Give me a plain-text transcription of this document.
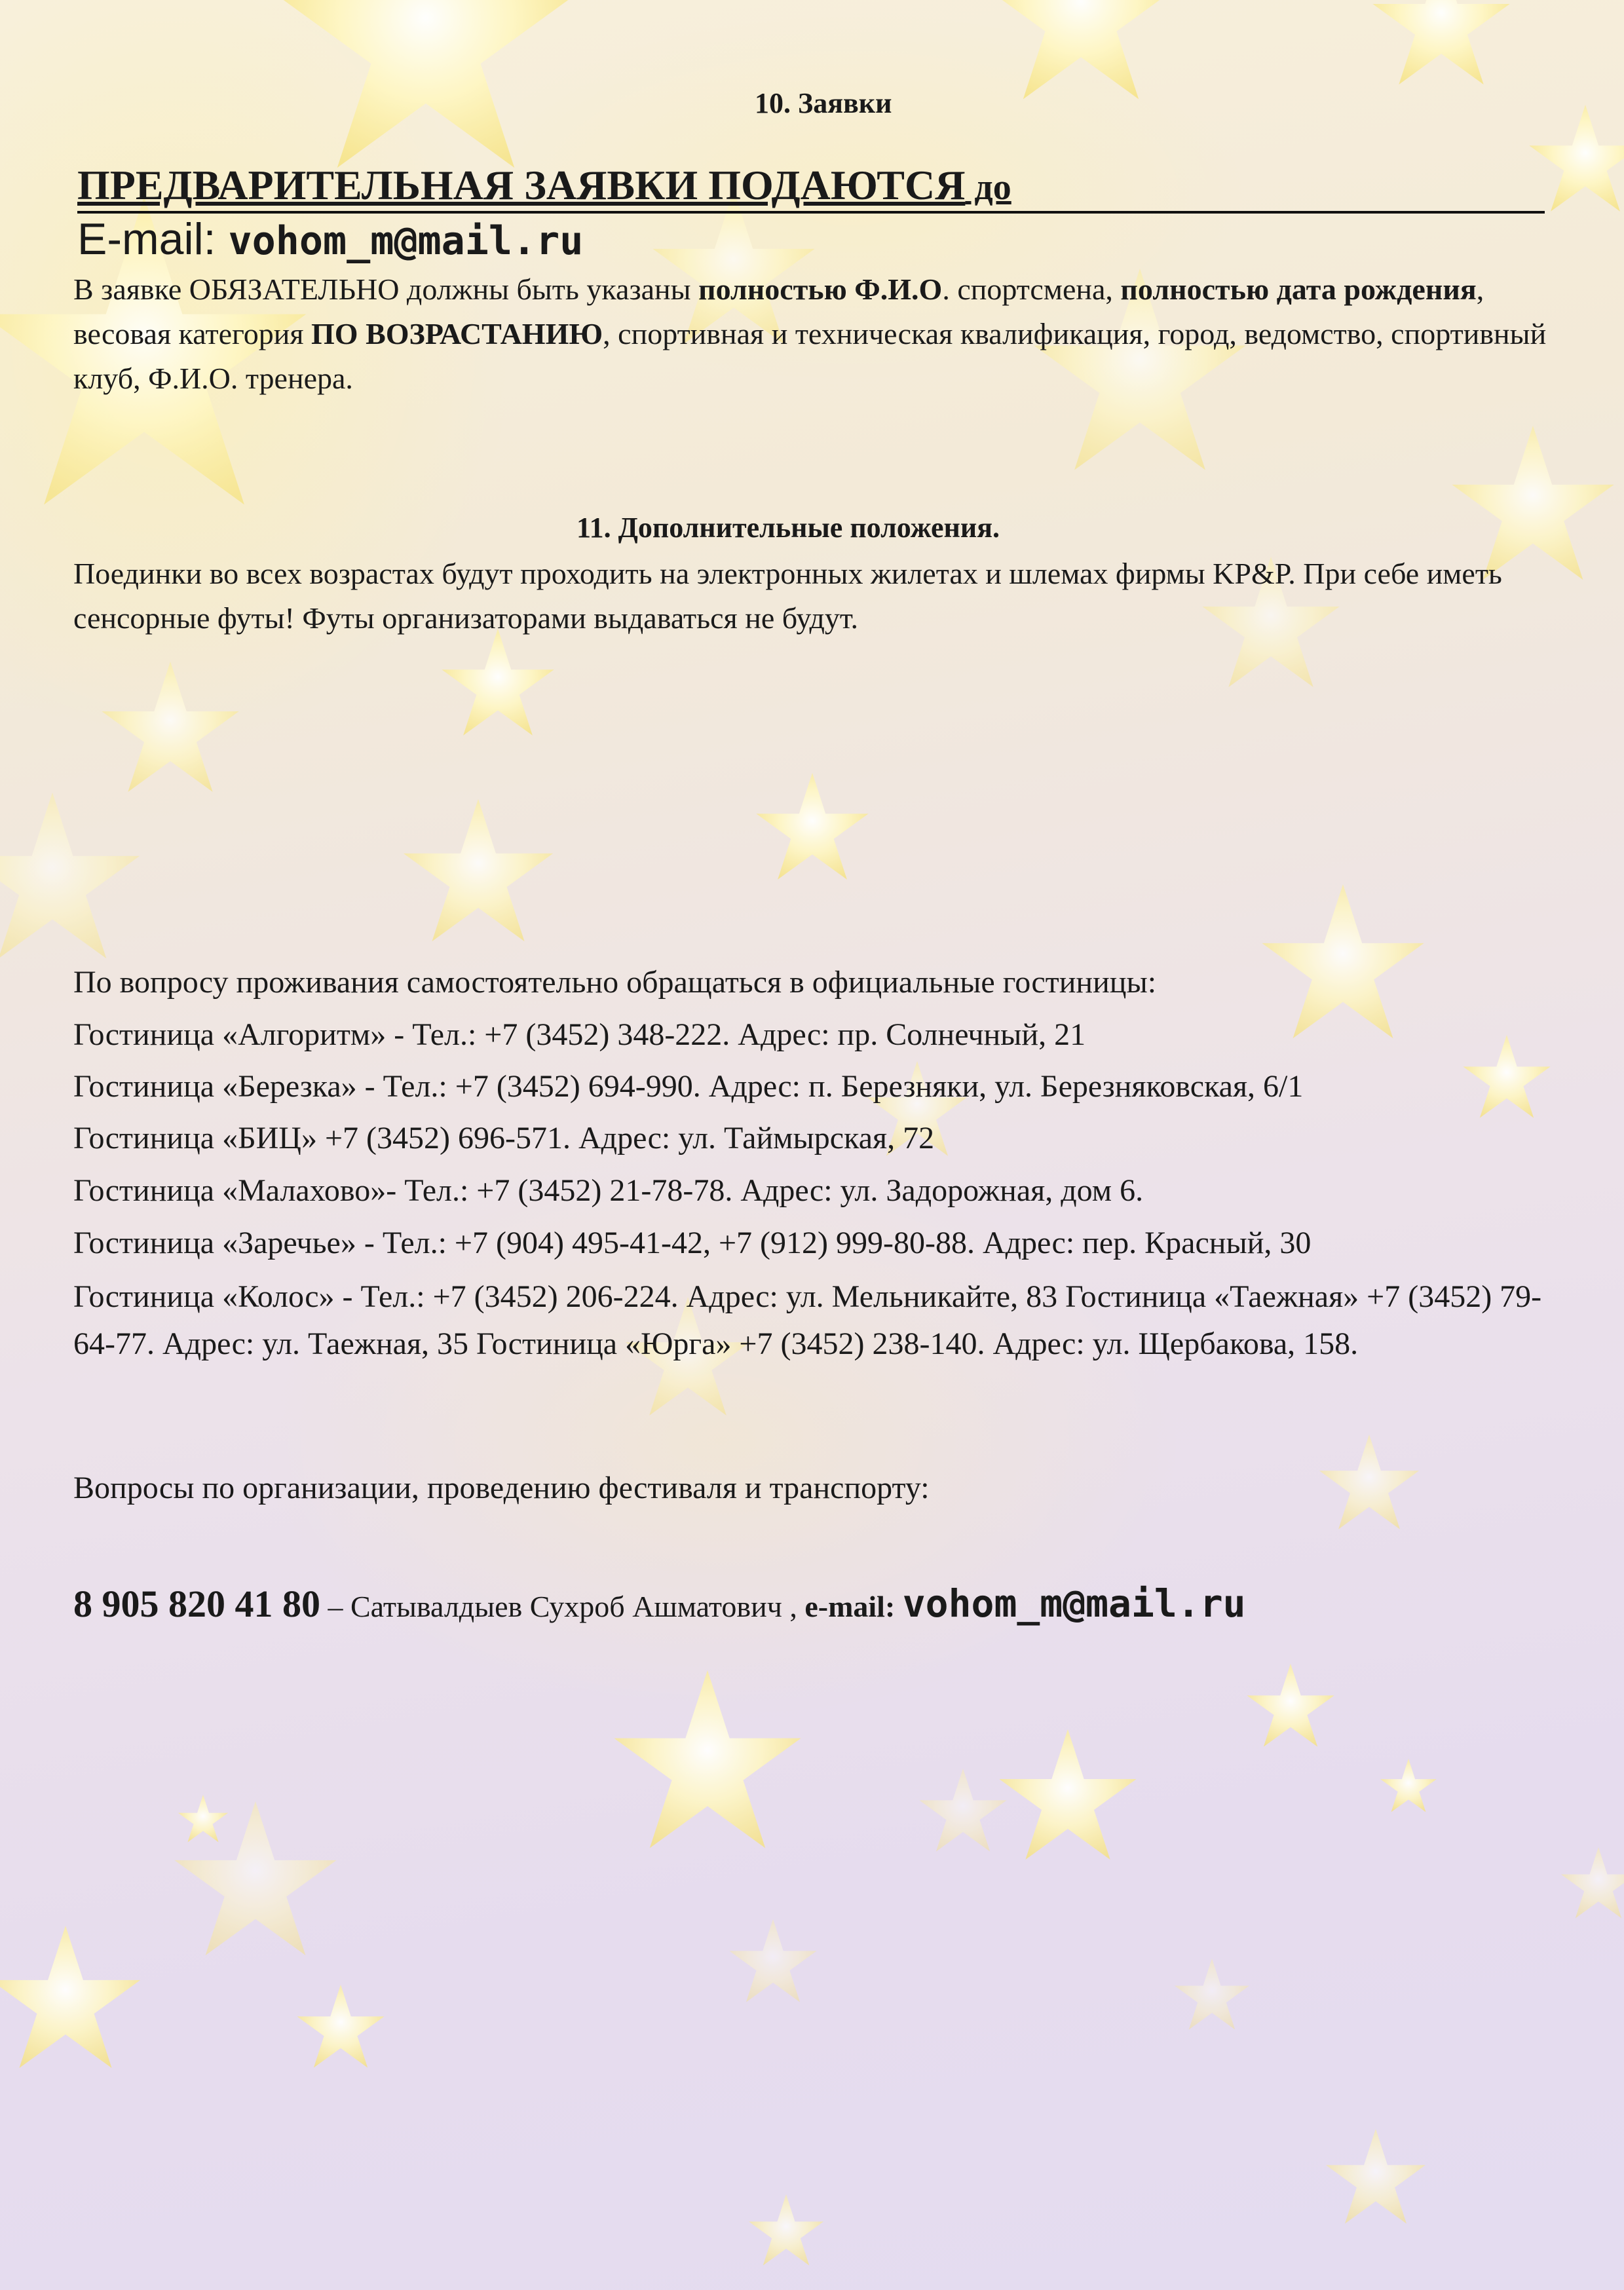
10. Заявки
ПРЕДВАРИТЕЛЬНАЯ ЗАЯВКИ ПОДАЮТСЯ до
E-mail: vohom_m@mail.ru
В заявке ОБЯЗАТЕЛЬНО должны быть указаны полностью Ф.И.О. спортсмена, полностью дата рождения, весовая категория ПО ВОЗРАСТАНИЮ, спортивная и техническая квалификация, город, ведомство, спортивный клуб, Ф.И.О. тренера.
11. Дополнительные положения.
Поединки во всех возрастах будут проходить на электронных жилетах и шлемах фирмы KP&P. При себе иметь сенсорные футы! Футы организаторами выдаваться не будут.
По вопросу проживания самостоятельно обращаться в официальные гостиницы:
Гостиница «Алгоритм» - Тел.: +7 (3452) 348-222. Адрес: пр. Солнечный, 21
Гостиница «Березка» - Тел.: +7 (3452) 694-990. Адрес: п. Березняки, ул. Березняковская, 6/1
Гостиница «БИЦ» +7 (3452) 696-571. Адрес: ул. Таймырская, 72
Гостиница «Малахово»- Тел.: +7 (3452) 21-78-78. Адрес: ул. Задорожная, дом 6.
Гостиница «Заречье» - Тел.: +7 (904) 495-41-42, +7 (912) 999-80-88. Адрес: пер. Красный, 30
Гостиница «Колос» - Тел.: +7 (3452) 206-224. Адрес: ул. Мельникайте, 83 Гостиница «Таежная» +7 (3452) 79-64-77. Адрес: ул. Таежная, 35 Гостиница «Юрга» +7 (3452) 238-140. Адрес: ул. Щербакова, 158.
Вопросы по организации, проведению фестиваля и транспорту:
8 905 820 41 80 – Сатывалдыев Сухроб Ашматович , e-mail: vohom_m@mail.ru
